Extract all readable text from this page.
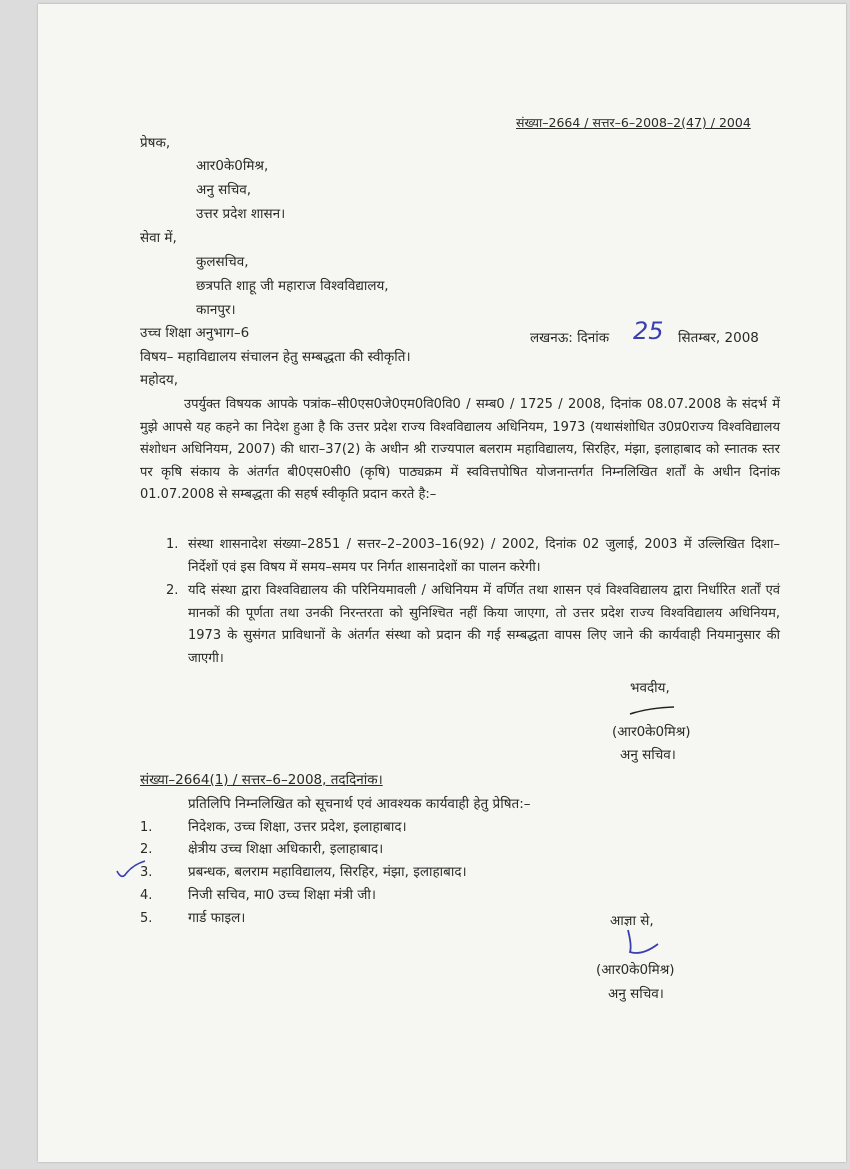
संख्या–2664 / सत्तर–6–2008–2(47) / 2004
प्रेषक,
आर0के0मिश्र,
अनु सचिव,
उत्तर प्रदेश शासन।
सेवा में,
कुलसचिव,
छत्रपति शाहू जी महाराज विश्वविद्यालय,
कानपुर।
उच्च शिक्षा अनुभाग–6	लखनऊ: दिनांक 25 सितम्बर, 2008
विषय– महाविद्यालय संचालन हेतु सम्बद्धता की स्वीकृति।
महोदय,
उपर्युक्त विषयक आपके पत्रांक–सी0एस0जे0एम0वि0वि0 / सम्ब0 / 1725 / 2008, दिनांक 08.07.2008 के संदर्भ में मुझे आपसे यह कहने का निदेश हुआ है कि उत्तर प्रदेश राज्य विश्वविद्यालय अधिनियम, 1973 (यथासंशोधित उ0प्र0राज्य विश्वविद्यालय संशोधन अधिनियम, 2007) की धारा–37(2) के अधीन श्री राज्यपाल बलराम महाविद्यालय, सिरहिर, मंझा, इलाहाबाद को स्नातक स्तर पर कृषि संकाय के अंतर्गत बी0एस0सी0 (कृषि) पाठ्यक्रम में स्ववित्तपोषित योजनान्तर्गत निम्नलिखित शर्तों के अधीन दिनांक 01.07.2008 से सम्बद्धता की सहर्ष स्वीकृति प्रदान करते है:–
1. संस्था शासनादेश संख्या–2851 / सत्तर–2–2003–16(92) / 2002, दिनांक 02 जुलाई, 2003 में उल्लिखित दिशा–निर्देशों एवं इस विषय में समय–समय पर निर्गत शासनादेशों का पालन करेगी।
2. यदि संस्था द्वारा विश्वविद्यालय की परिनियमावली / अधिनियम में वर्णित तथा शासन एवं विश्वविद्यालय द्वारा निर्धारित शर्तों एवं मानकों की पूर्णता तथा उनकी निरन्तरता को सुनिश्चित नहीं किया जाएगा, तो उत्तर प्रदेश राज्य विश्वविद्यालय अधिनियम, 1973 के सुसंगत प्राविधानों के अंतर्गत संस्था को प्रदान की गई सम्बद्धता वापस लिए जाने की कार्यवाही नियमानुसार की जाएगी।
भवदीय,
(आर0के0मिश्र)
अनु सचिव।
संख्या–2664(1) / सत्तर–6–2008, तददिनांक।
प्रतिलिपि निम्नलिखित को सूचनार्थ एवं आवश्यक कार्यवाही हेतु प्रेषित:–
1.	निदेशक, उच्च शिक्षा, उत्तर प्रदेश, इलाहाबाद।
2.	क्षेत्रीय उच्च शिक्षा अधिकारी, इलाहाबाद।
3.	प्रबन्धक, बलराम महाविद्यालय, सिरहिर, मंझा, इलाहाबाद।
4.	निजी सचिव, मा0 उच्च शिक्षा मंत्री जी।
5.	गार्ड फाइल।	आज्ञा से,
(आर0के0मिश्र)
अनु सचिव।
